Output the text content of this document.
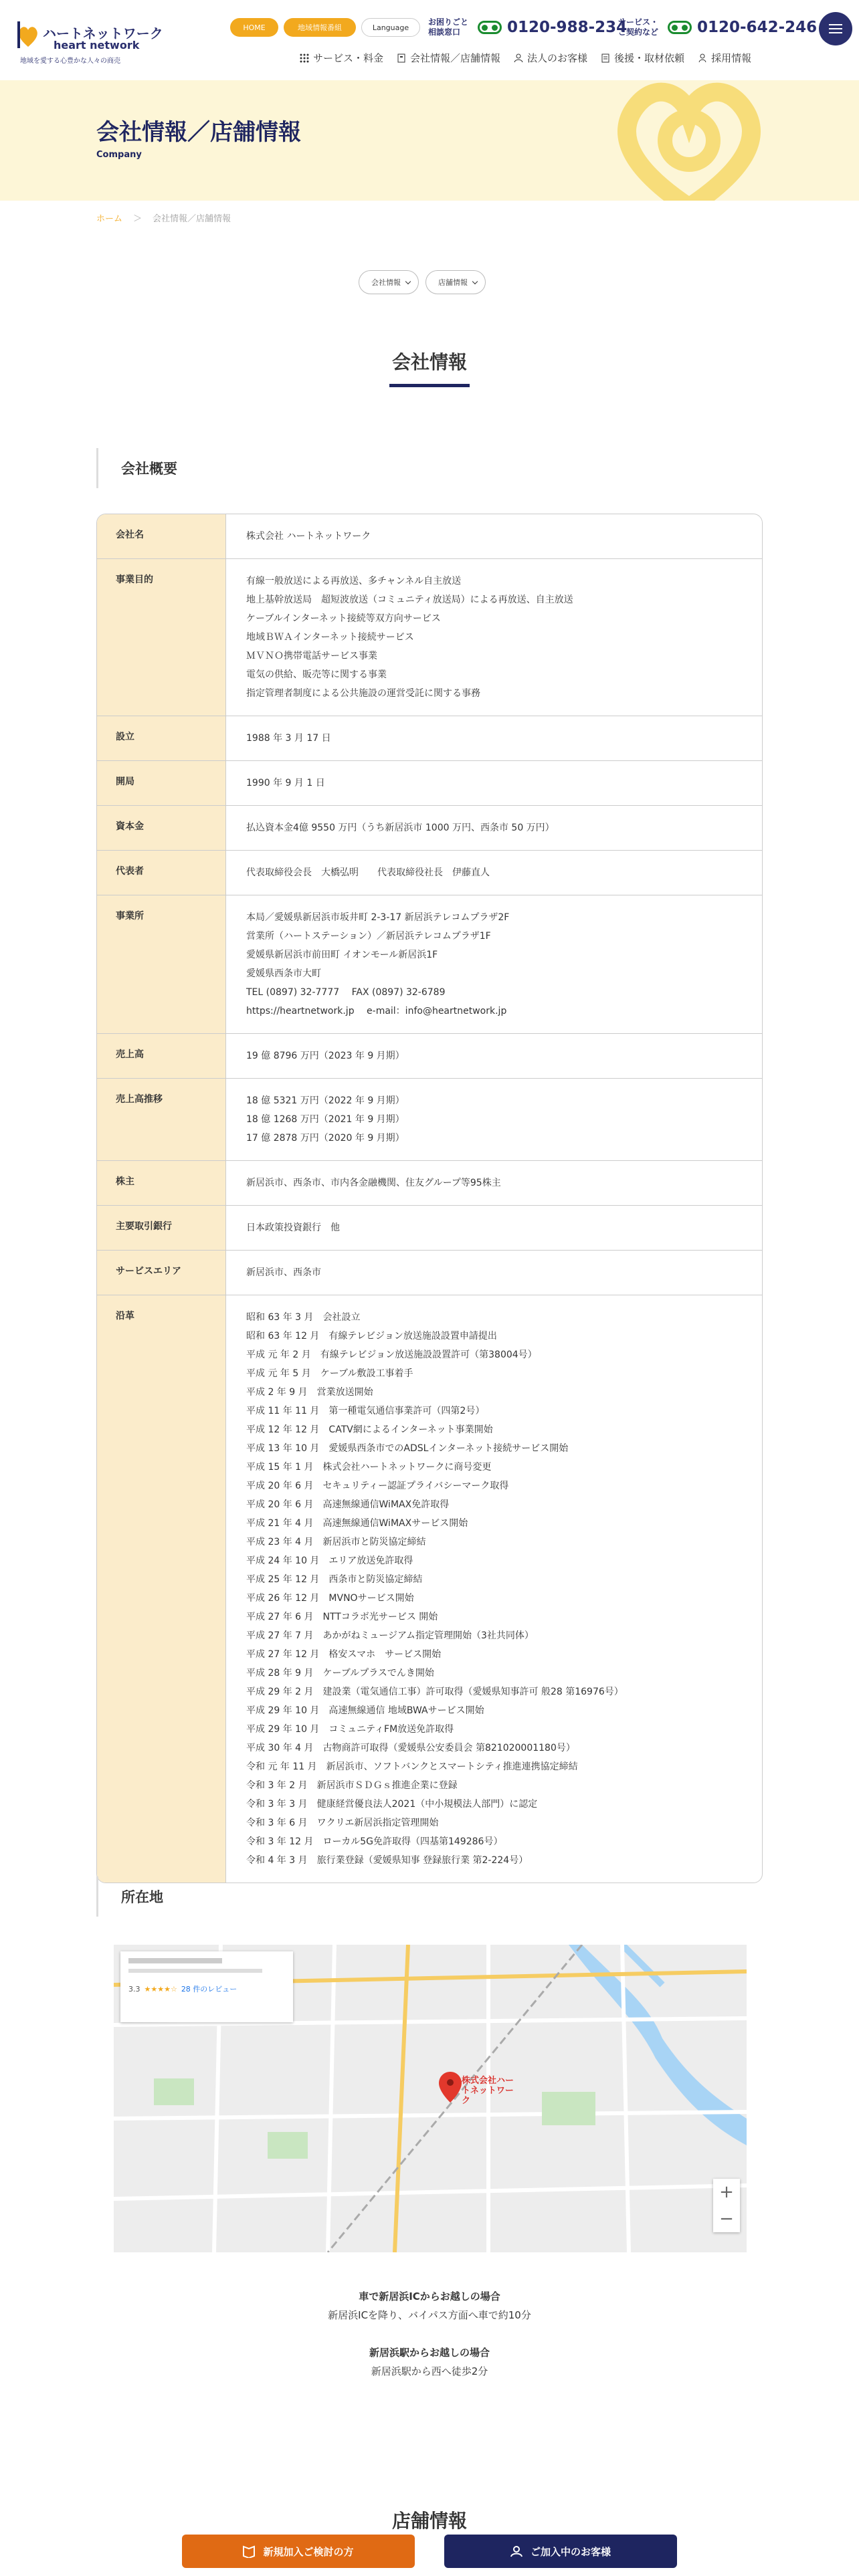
ハートネットワーク
heart network
地域を愛する心豊かな人々の商売
HOME	地域情報番組	Language
お困りごと
相談窓口	0120-988-234
サービス・
ご契約など	0120-642-246
サービス・料金	会社情報／店舗情報	法人のお客様	後援・取材依頼	採用情報
会社情報／店舗情報
Company
ホーム ＞ 会社情報／店舗情報
会社情報	店舗情報
会社情報
会社概要
会社名	株式会社 ハートネットワーク
事業目的	有線一般放送による再放送、多チャンネル自主放送
地上基幹放送局　超短波放送（コミュニティ放送局）による再放送、自主放送
ケーブルインターネット接続等双方向サービス
地域ＢＷＡインターネット接続サービス
ＭＶＮＯ携帯電話サービス事業
電気の供給、販売等に関する事業
指定管理者制度による公共施設の運営受託に関する事務
設立	1988 年 3 月 17 日
開局	1990 年 9 月 1 日
資本金	払込資本金4億 9550 万円（うち新居浜市 1000 万円、西条市 50 万円）
代表者	代表取締役会長　大橋弘明　　代表取締役社長　伊藤直人
事業所	本局／愛媛県新居浜市坂井町 2-3-17 新居浜テレコムプラザ2F
営業所（ハートステーション）／新居浜テレコムプラザ1F
愛媛県新居浜市前田町 イオンモール新居浜1F
愛媛県西条市大町
TEL (0897) 32-7777　 FAX (0897) 32-6789
https://heartnetwork.jp　 e-mail：info@heartnetwork.jp
売上高	19 億 8796 万円（2023 年 9 月期）
売上高推移	18 億 5321 万円（2022 年 9 月期）
18 億 1268 万円（2021 年 9 月期）
17 億 2878 万円（2020 年 9 月期）
株主	新居浜市、西条市、市内各金融機関、住友グループ等95株主
主要取引銀行	日本政策投資銀行　他
サービスエリア	新居浜市、西条市
沿革	昭和 63 年 3 月　会社設立
昭和 63 年 12 月　有線テレビジョン放送施設設置申請提出
平成 元 年 2 月　有線テレビジョン放送施設設置許可（第38004号）
平成 元 年 5 月　ケーブル敷設工事着手
平成 2 年 9 月　営業放送開始
平成 11 年 11 月　第一種電気通信事業許可（四第2号）
平成 12 年 12 月　CATV網によるインターネット事業開始
平成 13 年 10 月　愛媛県西条市でのADSLインターネット接続サービス開始
平成 15 年 1 月　株式会社ハートネットワークに商号変更
平成 20 年 6 月　セキュリティー認証プライバシーマーク取得
平成 20 年 6 月　高速無線通信WiMAX免許取得
平成 21 年 4 月　高速無線通信WiMAXサービス開始
平成 23 年 4 月　新居浜市と防災協定締結
平成 24 年 10 月　エリア放送免許取得
平成 25 年 12 月　西条市と防災協定締結
平成 26 年 12 月　MVNOサービス開始
平成 27 年 6 月　NTTコラボ光サービス 開始
平成 27 年 7 月　あかがねミュージアム指定管理開始（3社共同体）
平成 27 年 12 月　格安スマホ　サービス開始
平成 28 年 9 月　ケーブルプラスでんき開始
平成 29 年 2 月　建設業（電気通信工事）許可取得（愛媛県知事許可 般28 第16976号）
平成 29 年 10 月　高速無線通信 地域BWAサービス開始
平成 29 年 10 月　コミュニティFM放送免許取得
平成 30 年 4 月　古物商許可取得（愛媛県公安委員会 第821020001180号）
令和 元 年 11 月　新居浜市、ソフトバンクとスマートシティ推進連携協定締結
令和 3 年 2 月　新居浜市ＳＤＧｓ推進企業に登録
令和 3 年 3 月　健康経営優良法人2021（中小規模法人部門）に認定
令和 3 年 6 月　ワクリエ新居浜指定管理開始
令和 3 年 12 月　ローカル5G免許取得（四基第149286号）
令和 4 年 3 月　旅行業登録（愛媛県知事 登録旅行業 第2-224号）
所在地
株式会社ハートネットワーク
3.3 ★★★★☆ 28 件のレビュー
+
−
車で新居浜ICからお越しの場合
新居浜ICを降り、バイパス方面へ車で約10分
新居浜駅からお越しの場合
新居浜駅から西へ徒歩2分
店舗情報
新規加入ご検討の方	ご加入中のお客様
